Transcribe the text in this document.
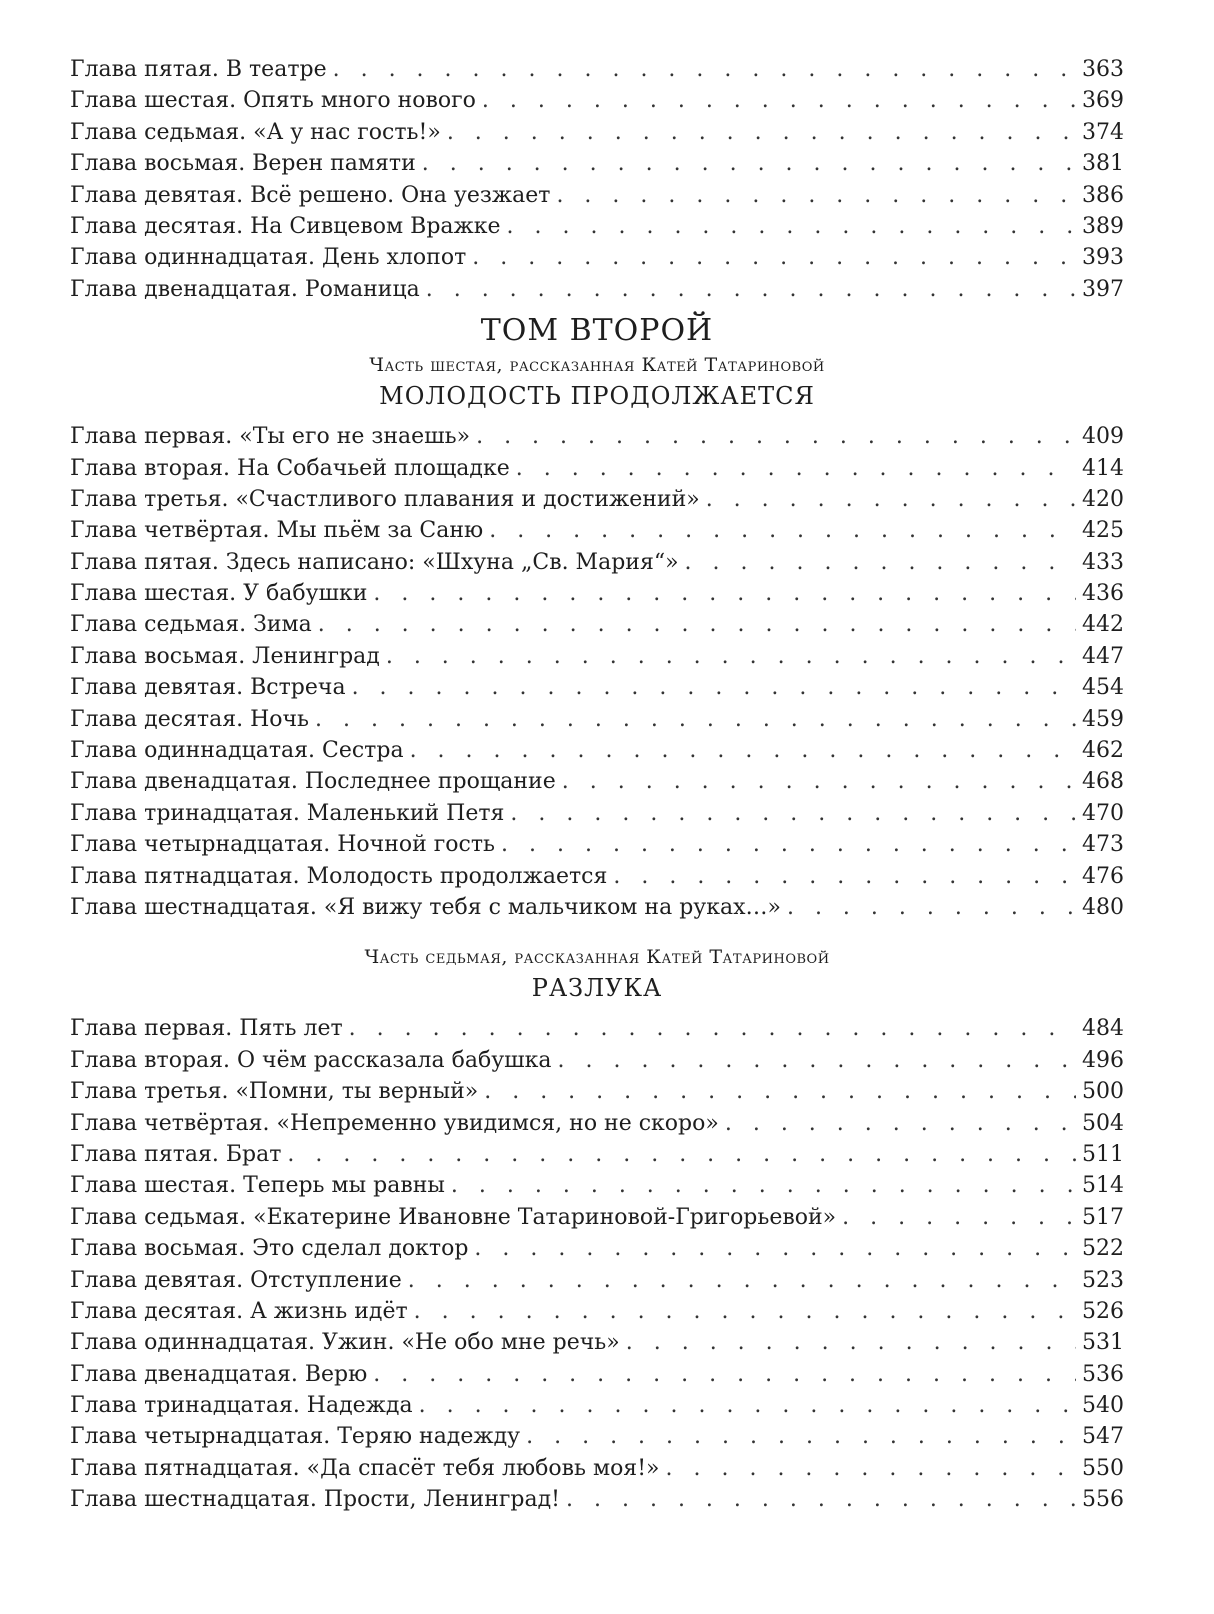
Глава пятая. В театре . . .	363
Глава шестая. Опять много нового . . .	369
Глава седьмая. «А у нас гость!» . . .	374
Глава восьмая. Верен памяти . . .	381
Глава девятая. Всё решено. Она уезжает . . .	386
Глава десятая. На Сивцевом Вражке . . .	389
Глава одиннадцатая. День хлопот . . .	393
Глава двенадцатая. Романица . . .	397
ТОМ ВТОРОЙ
Часть шестая, рассказанная Катей Татариновой
МОЛОДОСТЬ ПРОДОЛЖАЕТСЯ
Глава первая. «Ты его не знаешь» . . .	409
Глава вторая. На Собачьей площадке . . .	414
Глава третья. «Счастливого плавания и достижений» . . .	420
Глава четвёртая. Мы пьём за Саню . . .	425
Глава пятая. Здесь написано: «Шхуна „Св. Мария“» . . .	433
Глава шестая. У бабушки . . .	436
Глава седьмая. Зима . . .	442
Глава восьмая. Ленинград . . .	447
Глава девятая. Встреча . . .	454
Глава десятая. Ночь . . .	459
Глава одиннадцатая. Сестра . . .	462
Глава двенадцатая. Последнее прощание . . .	468
Глава тринадцатая. Маленький Петя . . .	470
Глава четырнадцатая. Ночной гость . . .	473
Глава пятнадцатая. Молодость продолжается . . .	476
Глава шестнадцатая. «Я вижу тебя с мальчиком на руках…» . . .	480
Часть седьмая, рассказанная Катей Татариновой
РАЗЛУКА
Глава первая. Пять лет . . .	484
Глава вторая. О чём рассказала бабушка . . .	496
Глава третья. «Помни, ты верный» . . .	500
Глава четвёртая. «Непременно увидимся, но не скоро» . . .	504
Глава пятая. Брат . . .	511
Глава шестая. Теперь мы равны . . .	514
Глава седьмая. «Екатерине Ивановне Татариновой-Григорьевой» . . .	517
Глава восьмая. Это сделал доктор . . .	522
Глава девятая. Отступление . . .	523
Глава десятая. А жизнь идёт . . .	526
Глава одиннадцатая. Ужин. «Не обо мне речь» . . .	531
Глава двенадцатая. Верю . . .	536
Глава тринадцатая. Надежда . . .	540
Глава четырнадцатая. Теряю надежду . . .	547
Глава пятнадцатая. «Да спасёт тебя любовь моя!» . . .	550
Глава шестнадцатая. Прости, Ленинград! . . .	556
